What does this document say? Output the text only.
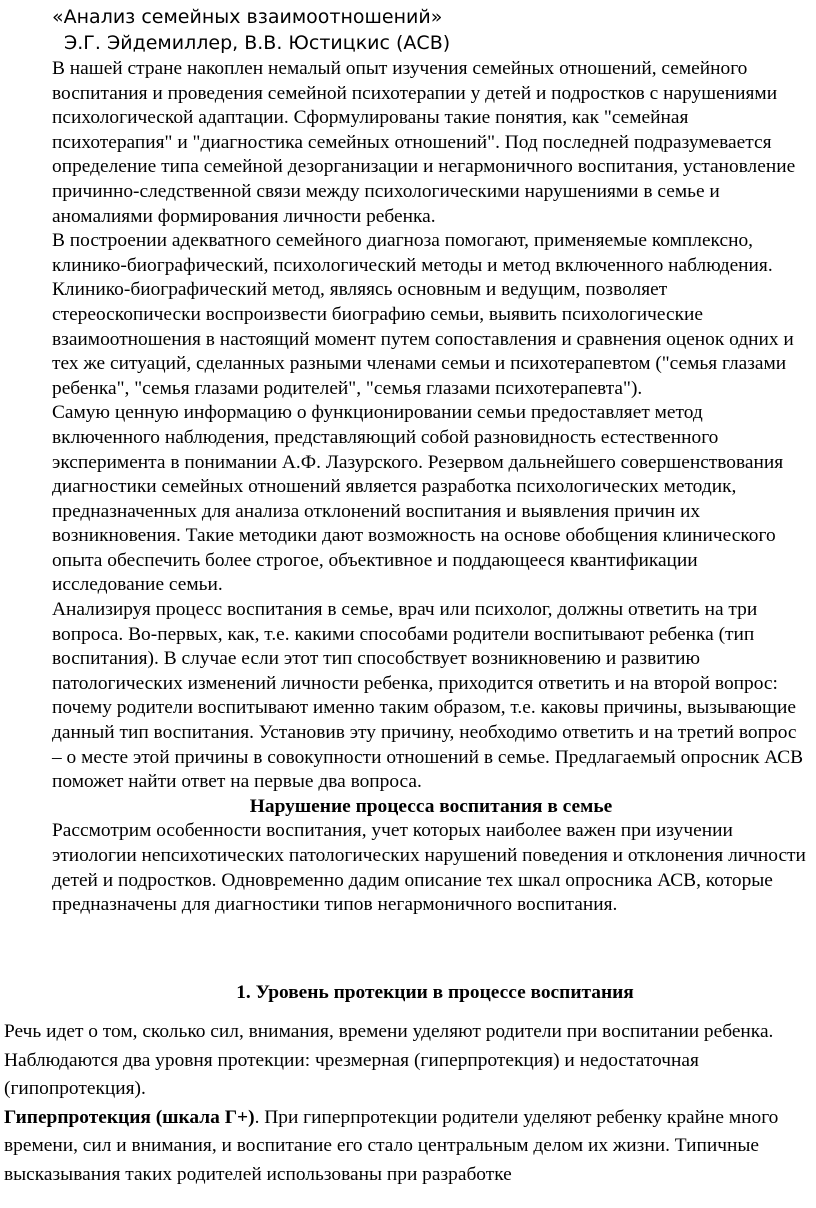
«Анализ семейных взаимоотношений»
Э.Г. Эйдемиллер, В.В. Юстицкис (АСВ)

В нашей стране накоплен немалый опыт изучения семейных отношений, семейного воспитания и проведения семейной психотерапии у детей и подростков с нарушениями психологической адаптации. Сформулированы такие понятия, как "семейная психотерапия" и "диагностика семейных отношений". Под последней подразумевается определение типа семейной дезорганизации и негармоничного воспитания, установление причинно-следственной связи между психологическими нарушениями в семье и аномалиями формирования личности ребенка.

В построении адекватного семейного диагноза помогают, применяемые комплексно, клинико-биографический, психологический методы и метод включенного наблюдения. Клинико-биографический метод, являясь основным и ведущим, позволяет стереоскопически воспроизвести биографию семьи, выявить психологические взаимоотношения в настоящий момент путем сопоставления и сравнения оценок одних и тех же ситуаций, сделанных разными членами семьи и психотерапевтом ("семья глазами ребенка", "семья глазами родителей", "семья глазами психотерапевта").

Самую ценную информацию о функционировании семьи предоставляет метод включенного наблюдения, представляющий собой разновидность естественного эксперимента в понимании А.Ф. Лазурского. Резервом дальнейшего совершенствования диагностики семейных отношений является разработка психологических методик, предназначенных для анализа отклонений воспитания и выявления причин их возникновения. Такие методики дают возможность на основе обобщения клинического опыта обеспечить более строгое, объективное и поддающееся квантификации исследование семьи.

Анализируя процесс воспитания в семье, врач или психолог, должны ответить на три вопроса. Во-первых, как, т.е. какими способами родители воспитывают ребенка (тип воспитания). В случае если этот тип способствует возникновению и развитию патологических изменений личности ребенка, приходится ответить и на второй вопрос: почему родители воспитывают именно таким образом, т.е. каковы причины, вызывающие данный тип воспитания. Установив эту причину, необходимо ответить и на третий вопрос – о месте этой причины в совокупности отношений в семье. Предлагаемый опросник АСВ поможет найти ответ на первые два вопроса.

Нарушение процесса воспитания в семье

Рассмотрим особенности воспитания, учет которых наиболее важен при изучении этиологии непсихотических патологических нарушений поведения и отклонения личности детей и подростков. Одновременно дадим описание тех шкал опросника АСВ, которые предназначены для диагностики типов негармоничного воспитания.

1. Уровень протекции в процессе воспитания

Речь идет о том, сколько сил, внимания, времени уделяют родители при воспитании ребенка. Наблюдаются два уровня протекции: чрезмерная (гиперпротекция) и недостаточная (гипопротекция).

Гиперпротекция (шкала Г+). При гиперпротекции родители уделяют ребенку крайне много времени, сил и внимания, и воспитание его стало центральным делом их жизни. Типичные высказывания таких родителей использованы при разработке
